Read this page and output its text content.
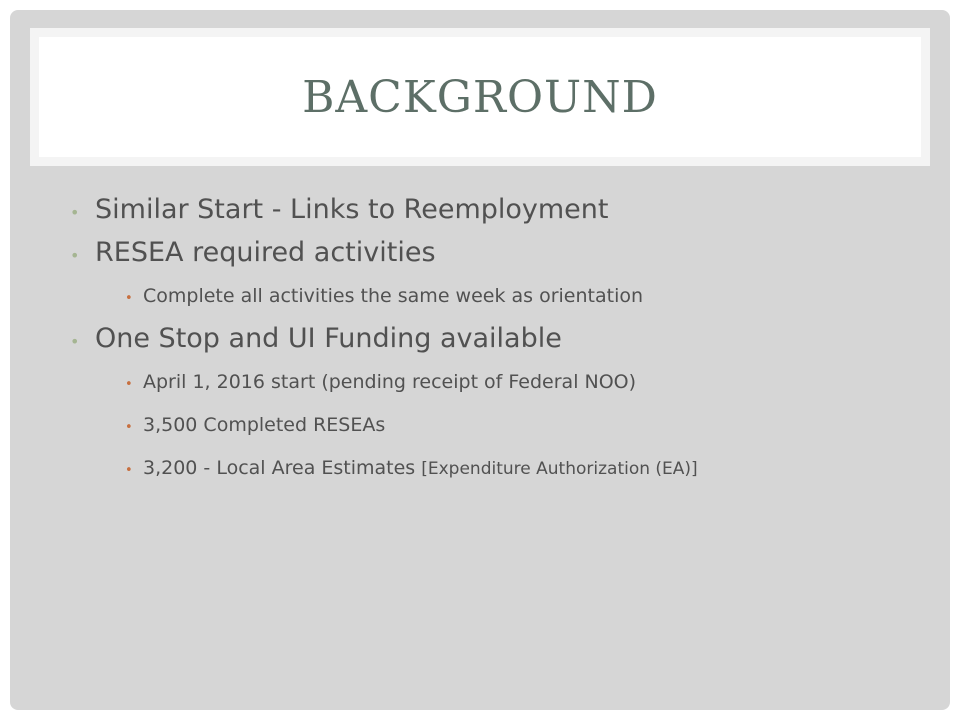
BACKGROUND
• Similar Start - Links to Reemployment
• RESEA required activities
• Complete all activities the same week as orientation
• One Stop and UI Funding available
• April 1, 2016 start (pending receipt of Federal NOO)
• 3,500 Completed RESEAs
• 3,200 - Local Area Estimates [Expenditure Authorization (EA)]
